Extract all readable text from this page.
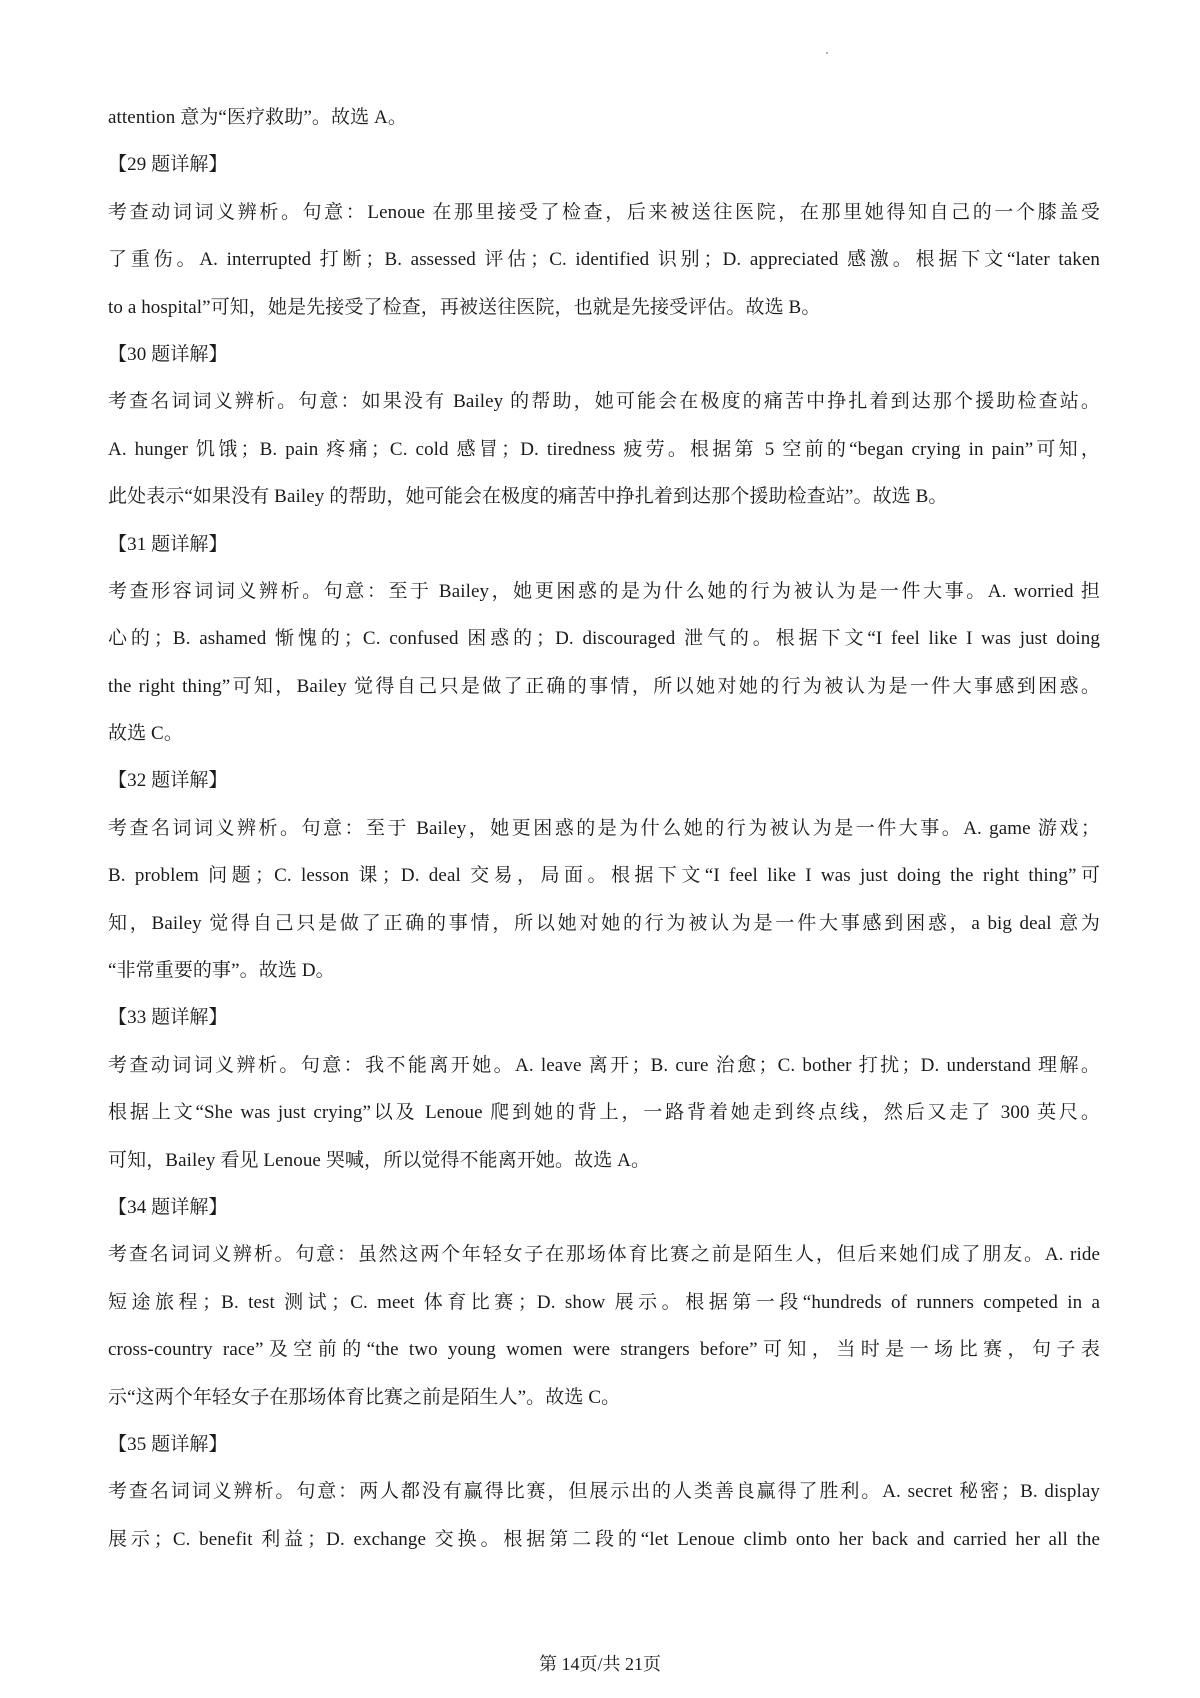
attention 意为“医疗救助”。故选 A。
【29 题详解】
考查动词词义辨析。句意：Lenoue 在那里接受了检查，后来被送往医院，在那里她得知自己的一个膝盖受
了重伤。A. interrupted 打断；B. assessed 评估；C. identified 识别；D. appreciated 感激。根据下文“later taken
to a hospital”可知，她是先接受了检查，再被送往医院，也就是先接受评估。故选 B。
【30 题详解】
考查名词词义辨析。句意：如果没有 Bailey 的帮助，她可能会在极度的痛苦中挣扎着到达那个援助检查站。
A. hunger 饥饿；B. pain 疼痛；C. cold 感冒；D. tiredness 疲劳。根据第 5 空前的“began crying in pain”可知，
此处表示“如果没有 Bailey 的帮助，她可能会在极度的痛苦中挣扎着到达那个援助检查站”。故选 B。
【31 题详解】
考查形容词词义辨析。句意：至于 Bailey，她更困惑的是为什么她的行为被认为是一件大事。A. worried 担
心的；B. ashamed 惭愧的；C. confused 困惑的；D. discouraged 泄气的。根据下文“I feel like I was just doing
the right thing”可知，Bailey 觉得自己只是做了正确的事情，所以她对她的行为被认为是一件大事感到困惑。
故选 C。
【32 题详解】
考查名词词义辨析。句意：至于 Bailey，她更困惑的是为什么她的行为被认为是一件大事。A. game 游戏；
B. problem 问题；C. lesson 课；D. deal 交易，局面。根据下文“I feel like I was just doing the right thing”可
知，Bailey 觉得自己只是做了正确的事情，所以她对她的行为被认为是一件大事感到困惑，a big deal 意为
“非常重要的事”。故选 D。
【33 题详解】
考查动词词义辨析。句意：我不能离开她。A. leave 离开；B. cure 治愈；C. bother 打扰；D. understand 理解。
根据上文“She was just crying”以及 Lenoue 爬到她的背上，一路背着她走到终点线，然后又走了 300 英尺。
可知，Bailey 看见 Lenoue 哭喊，所以觉得不能离开她。故选 A。
【34 题详解】
考查名词词义辨析。句意：虽然这两个年轻女子在那场体育比赛之前是陌生人，但后来她们成了朋友。A. ride
短途旅程；B. test 测试；C. meet 体育比赛；D. show 展示。根据第一段“hundreds of runners competed in a
cross-country race”及空前的“the two young women were strangers before”可知，当时是一场比赛，句子表
示“这两个年轻女子在那场体育比赛之前是陌生人”。故选 C。
【35 题详解】
考查名词词义辨析。句意：两人都没有赢得比赛，但展示出的人类善良赢得了胜利。A. secret 秘密；B. display
展示；C. benefit 利益；D. exchange 交换。根据第二段的“let Lenoue climb onto her back and carried her all the
第 14页/共 21页
